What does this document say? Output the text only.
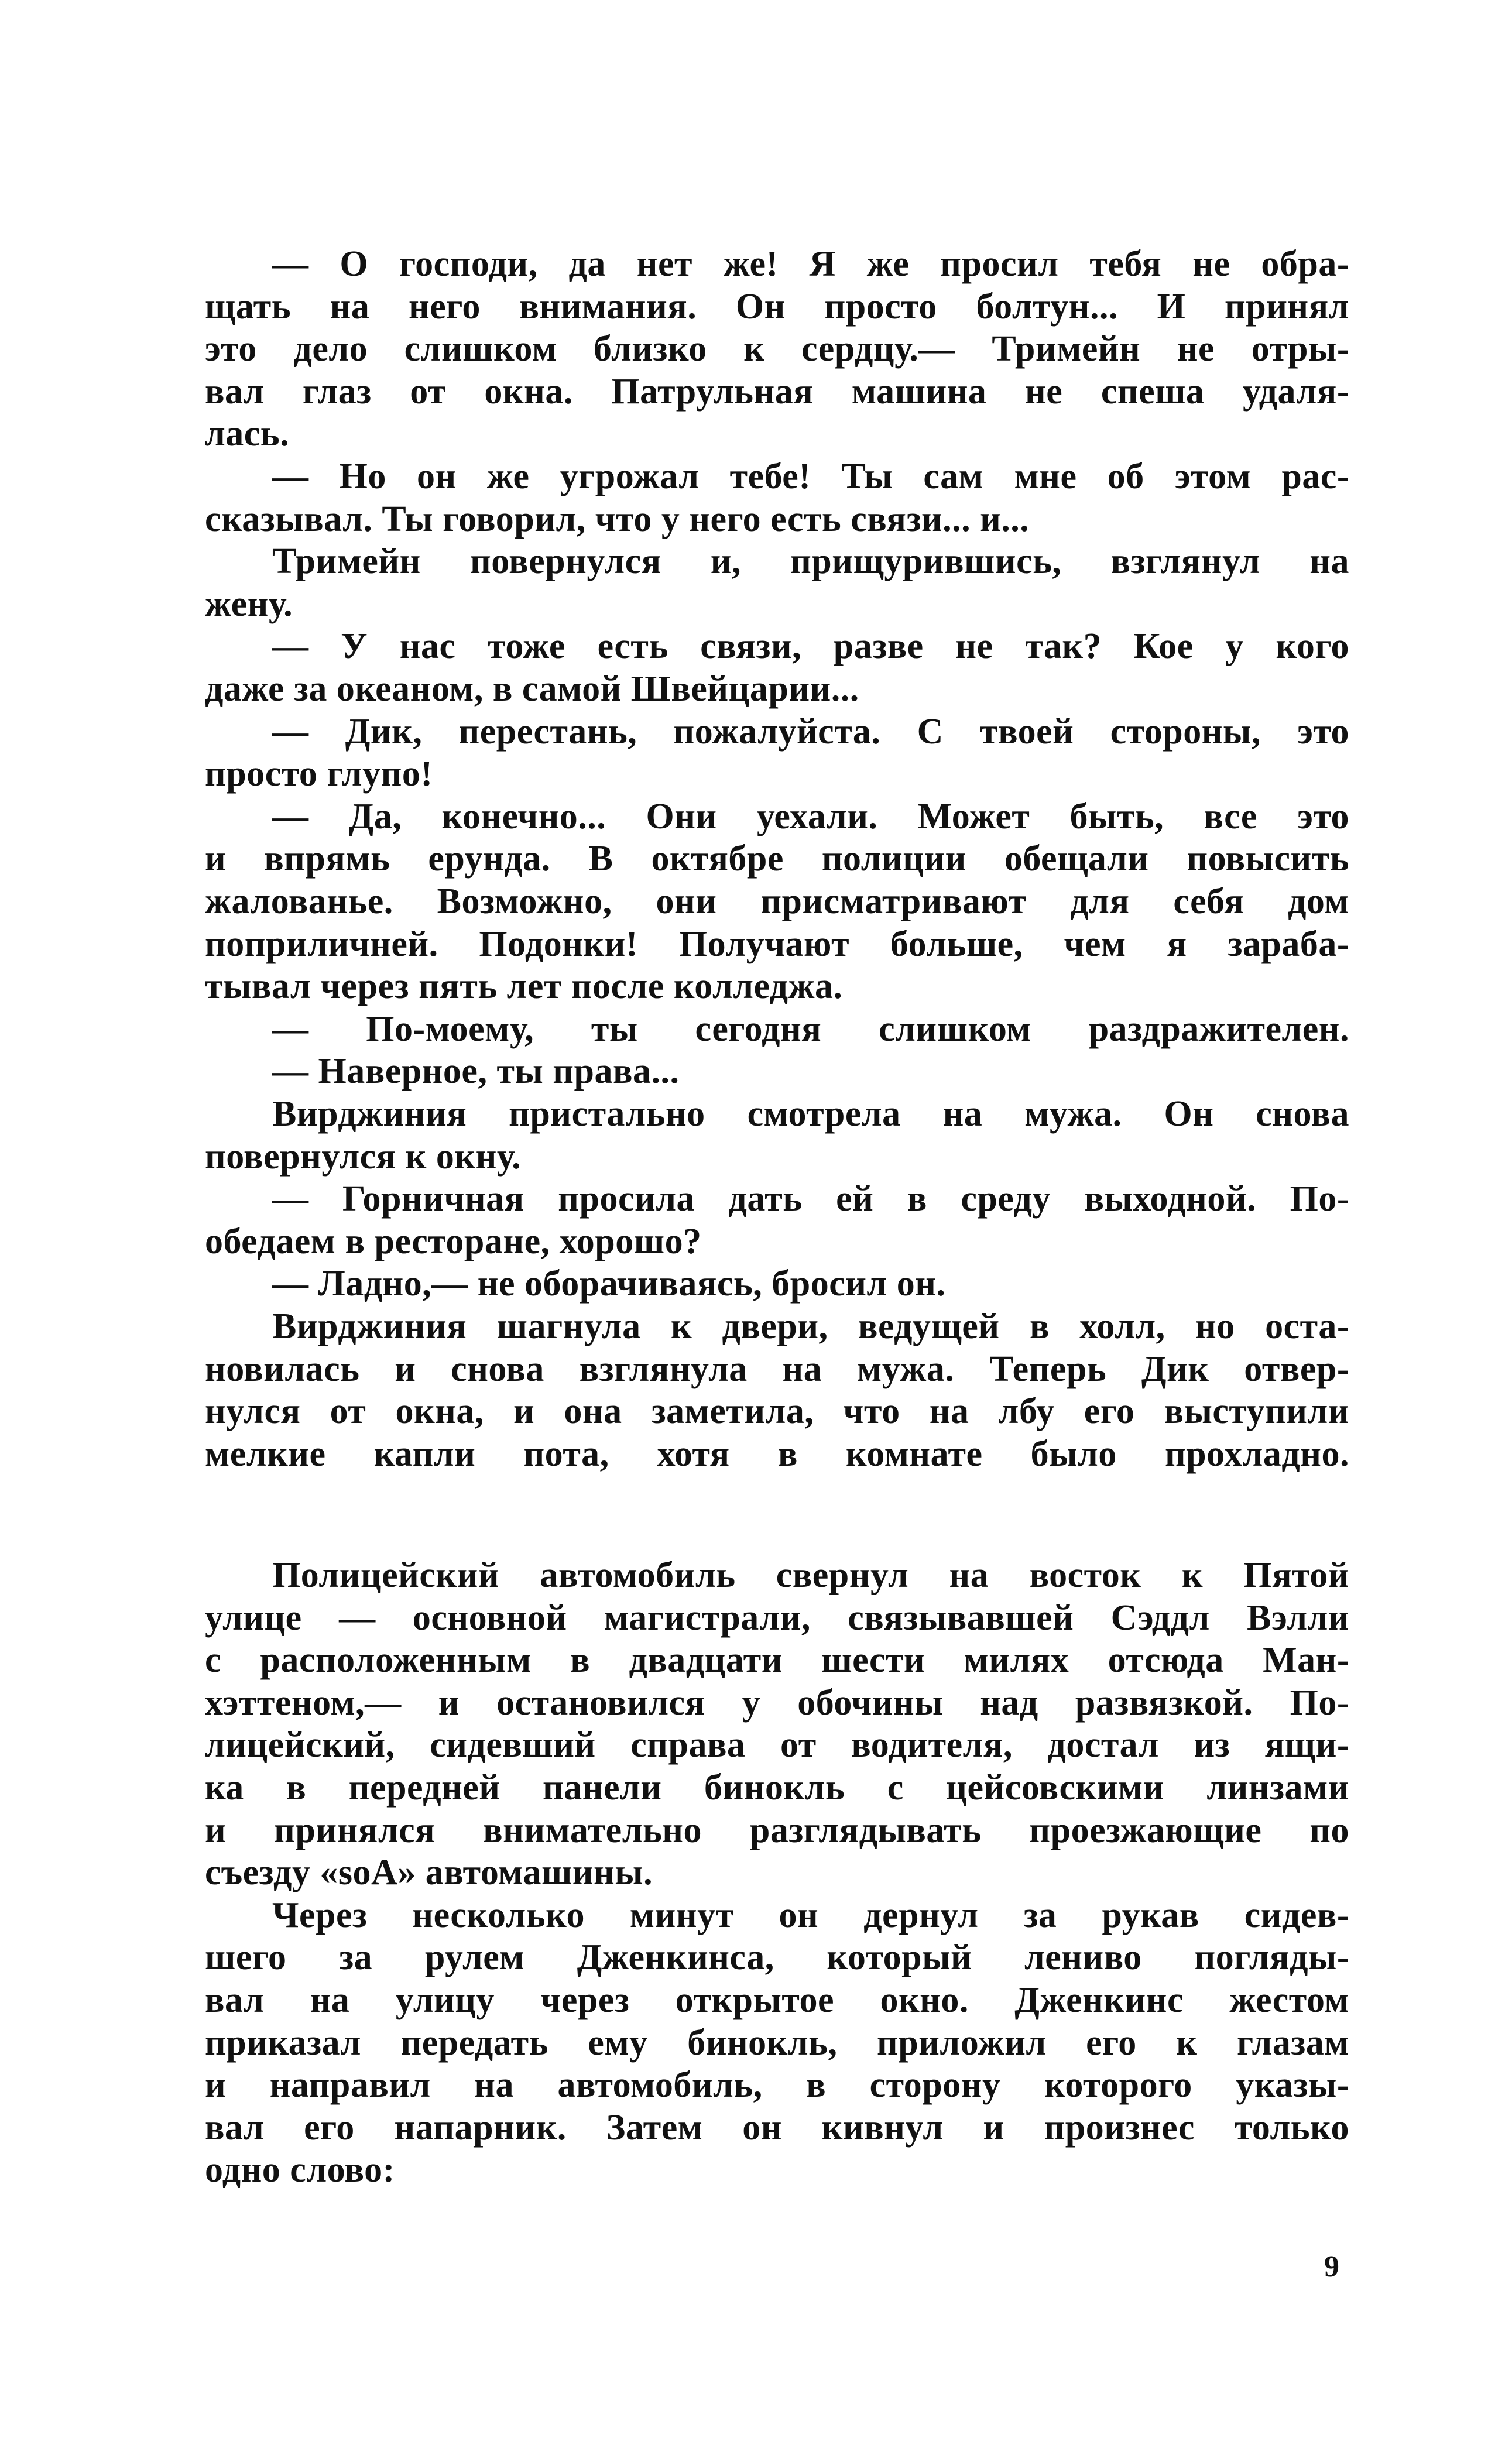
— О господи, да нет же! Я же просил тебя не обра-
щать на него внимания. Он просто болтун... И принял
это дело слишком близко к сердцу.— Тримейн не отры-
вал глаз от окна. Патрульная машина не спеша удаля-
лась.
— Но он же угрожал тебе! Ты сам мне об этом рас-
сказывал. Ты говорил, что у него есть связи... и...
Тримейн повернулся и, прищурившись, взглянул на
жену.
— У нас тоже есть связи, разве не так? Кое у кого
даже за океаном, в самой Швейцарии...
— Дик, перестань, пожалуйста. С твоей стороны, это
просто глупо!
— Да, конечно... Они уехали. Может быть, все это
и впрямь ерунда. В октябре полиции обещали повысить
жалованье. Возможно, они присматривают для себя дом
поприличней. Подонки! Получают больше, чем я зараба-
тывал через пять лет после колледжа.
— По-моему, ты сегодня слишком раздражителен.
— Наверное, ты права...
Вирджиния пристально смотрела на мужа. Он снова
повернулся к окну.
— Горничная просила дать ей в среду выходной. По-
обедаем в ресторане, хорошо?
— Ладно,— не оборачиваясь, бросил он.
Вирджиния шагнула к двери, ведущей в холл, но оста-
новилась и снова взглянула на мужа. Теперь Дик отвер-
нулся от окна, и она заметила, что на лбу его выступили
мелкие капли пота, хотя в комнате было прохладно.
Полицейский автомобиль свернул на восток к Пятой
улице — основной магистрали, связывавшей Сэддл Вэлли
с расположенным в двадцати шести милях отсюда Ман-
хэттеном,— и остановился у обочины над развязкой. По-
лицейский, сидевший справа от водителя, достал из ящи-
ка в передней панели бинокль с цейсовскими линзами
и принялся внимательно разглядывать проезжающие по
съезду «soA» автомашины.
Через несколько минут он дернул за рукав сидев-
шего за рулем Дженкинса, который лениво погляды-
вал на улицу через открытое окно. Дженкинс жестом
приказал передать ему бинокль, приложил его к глазам
и направил на автомобиль, в сторону которого указы-
вал его напарник. Затем он кивнул и произнес только
одно слово:
9
